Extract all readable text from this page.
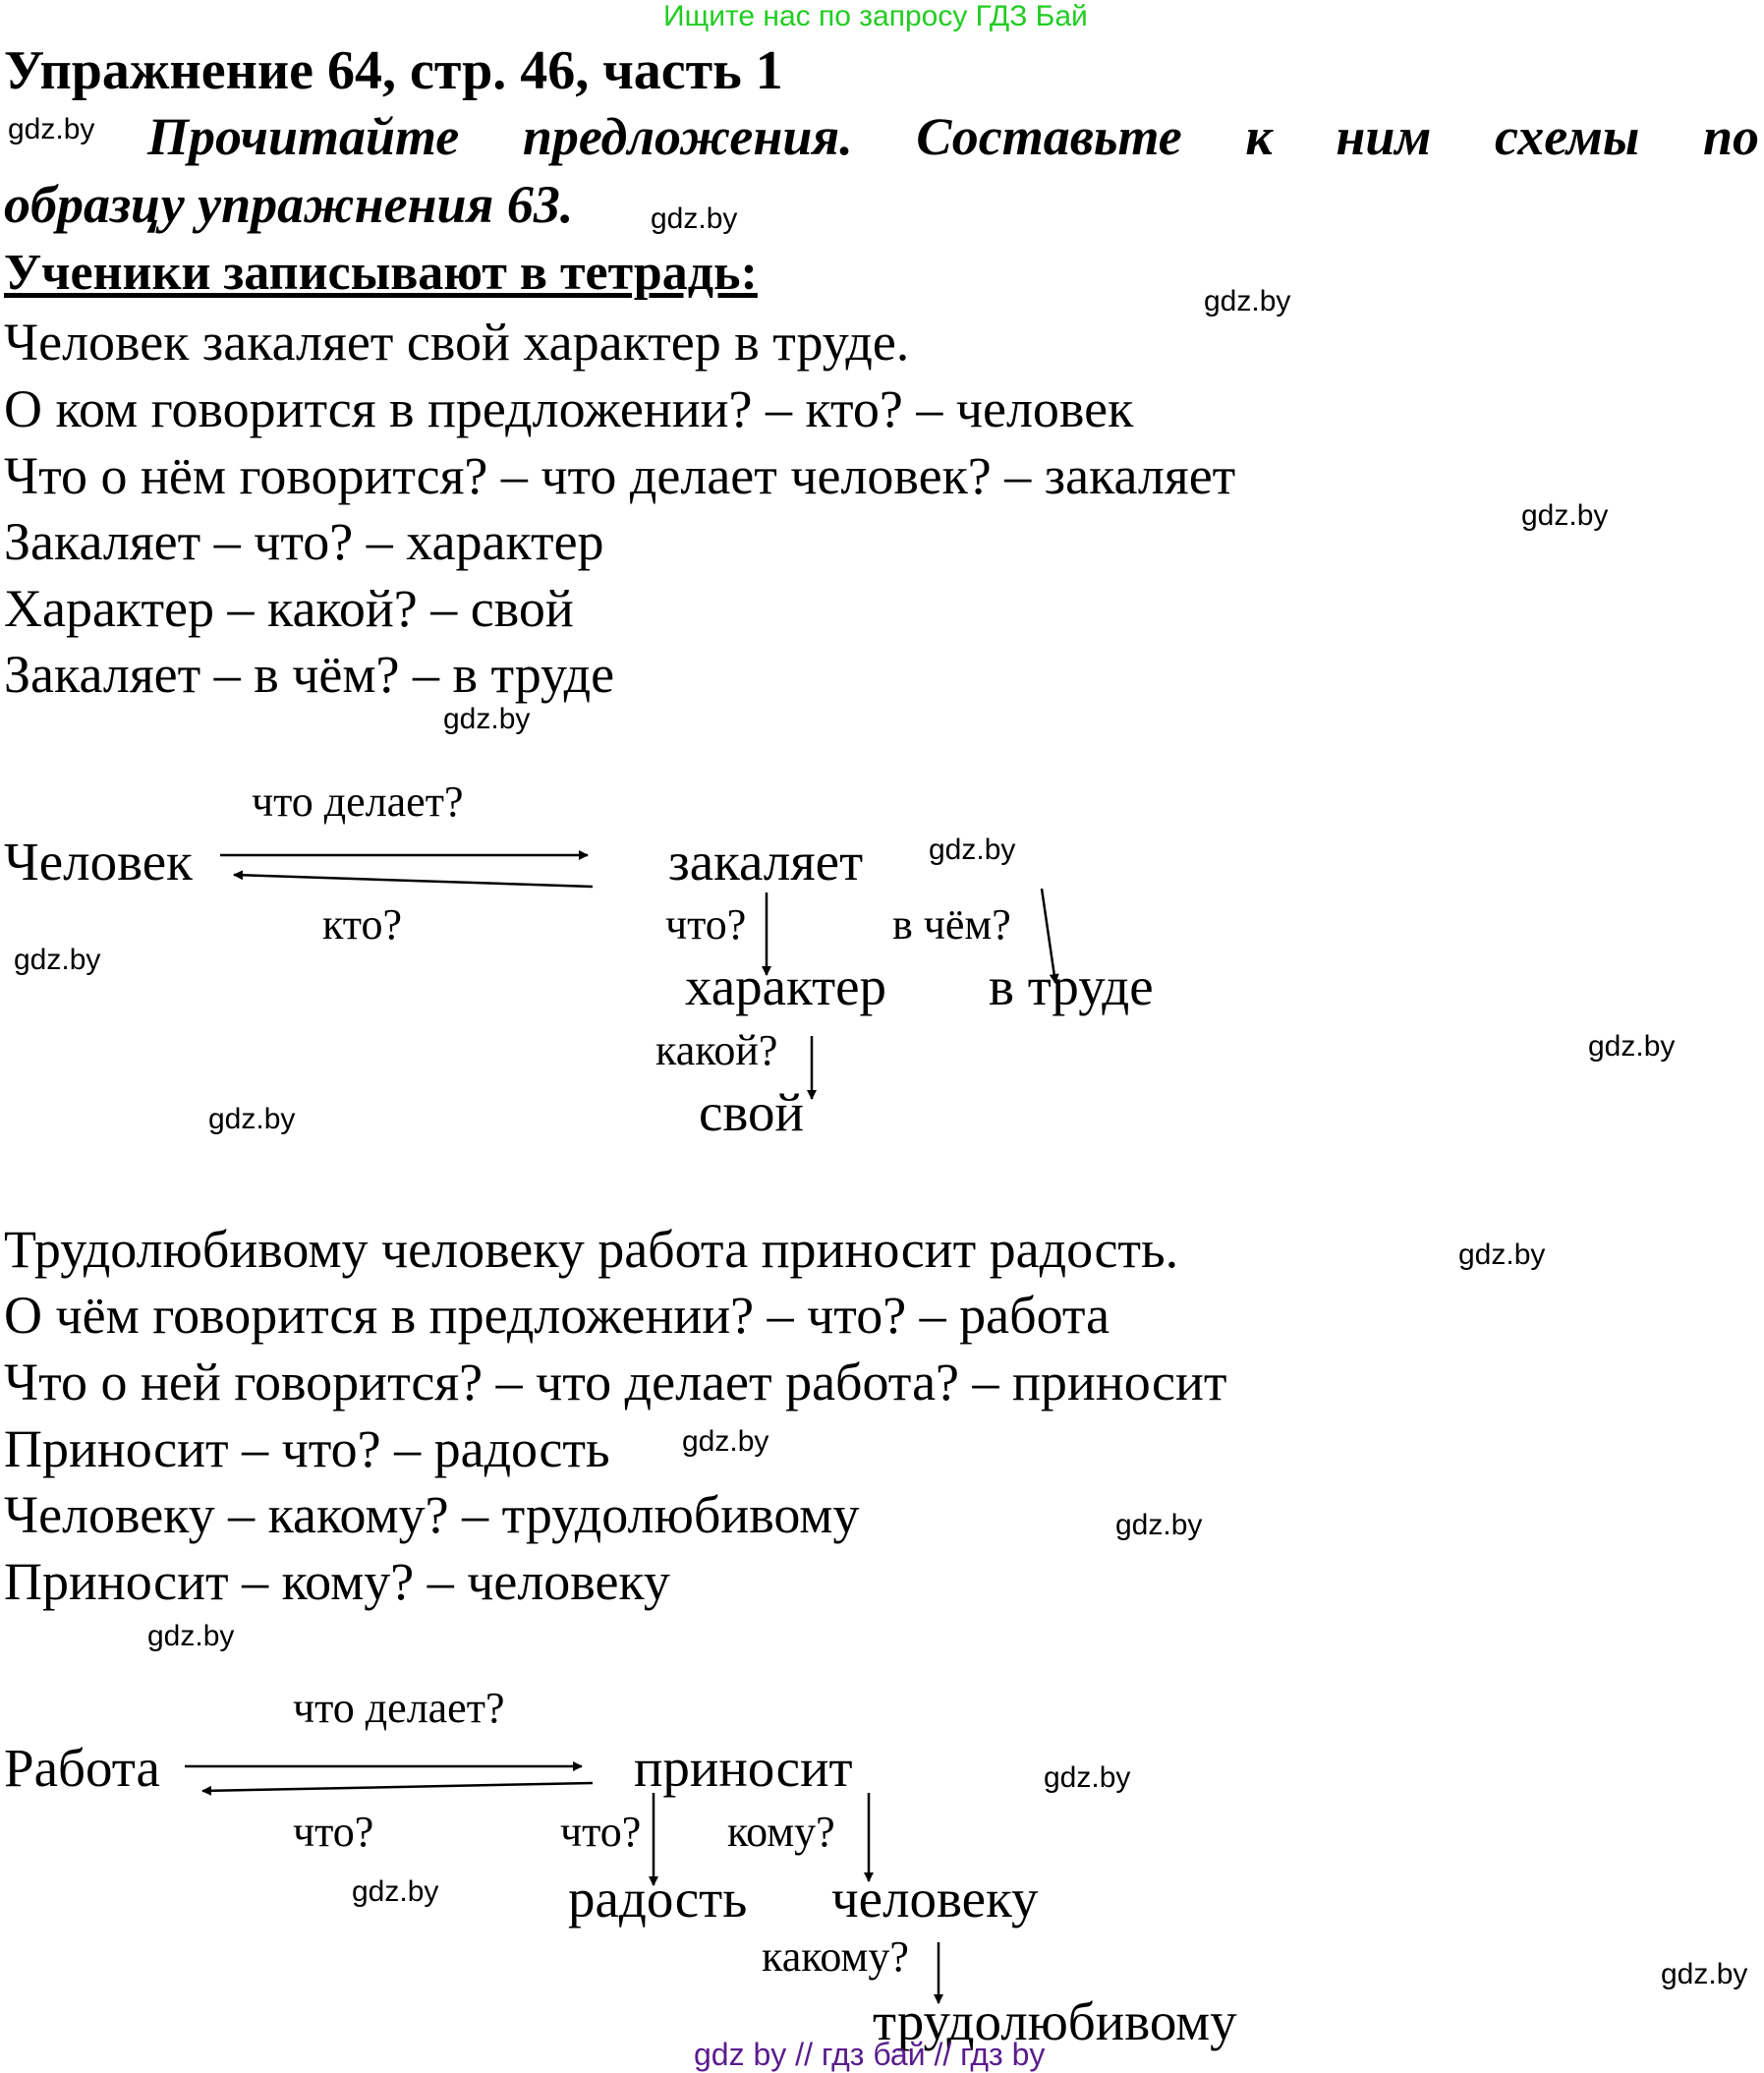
Ищите нас по запросу ГДЗ Бай
Упражнение 64, стр. 46, часть 1
gdz.by Прочитайте предложения. Составьте к ним схемы по
образцу упражнения 63.	gdz.by
Ученики записывают в тетрадь:
gdz.by
Человек закаляет свой характер в труде.
О ком говорится в предложении? – кто? – человек
Что о нём говорится? – что делает человек? – закаляет
gdz.by
Закаляет – что? – характер
Характер – какой? – свой
Закаляет – в чём? – в труде
gdz.by
что делает?
Человек	закаляет gdz.by
кто?	что?	в чём?
gdz.by	характер в труде
какой?	gdz.by
gdz.by	свой
Трудолюбивому человеку работа приносит радость.	gdz.by
О чём говорится в предложении? – что? – работа
Что о ней говорится? – что делает работа? – приносит
Приносит – что? – радость gdz.by
Человеку – какому? – трудолюбивому	gdz.by
Приносит – кому? – человеку
gdz.by
что делает?
Работа	приносит	gdz.by
что?	что? кому?
gdz.by радость человеку
какому?	gdz.by
трудолюбивому
gdz by // гдз бай // гдз by
